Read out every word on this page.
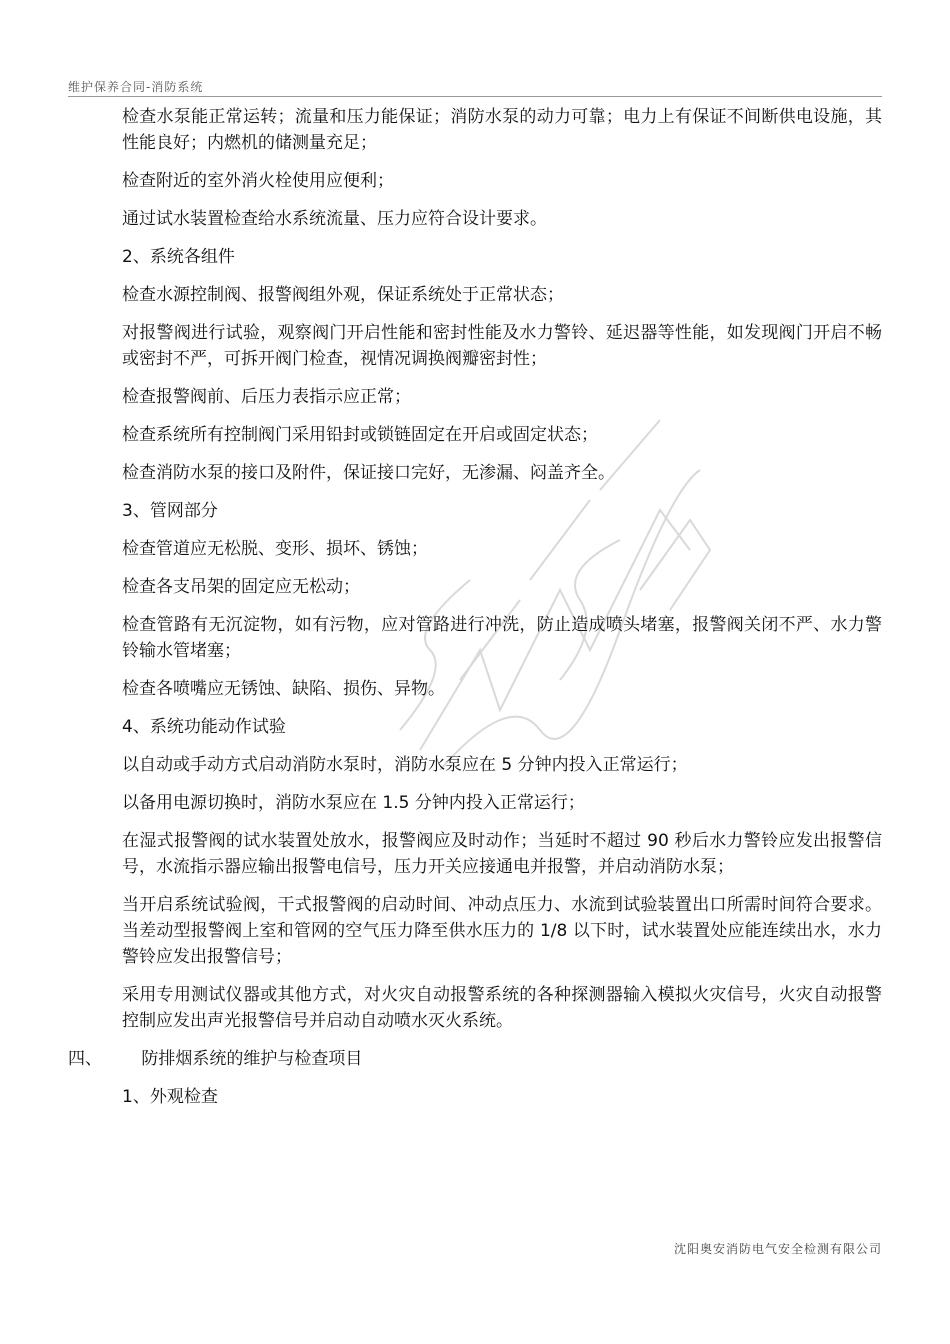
维护保养合同-消防系统

检查水泵能正常运转；流量和压力能保证；消防水泵的动力可靠；电力上有保证不间断供电设施，其性能良好；内燃机的储测量充足；

检查附近的室外消火栓使用应便利；

通过试水装置检查给水系统流量、压力应符合设计要求。

2、系统各组件

检查水源控制阀、报警阀组外观，保证系统处于正常状态；

对报警阀进行试验，观察阀门开启性能和密封性能及水力警铃、延迟器等性能，如发现阀门开启不畅或密封不严，可拆开阀门检查，视情况调换阀瓣密封性；

检查报警阀前、后压力表指示应正常；

检查系统所有控制阀门采用铅封或锁链固定在开启或固定状态；

检查消防水泵的接口及附件，保证接口完好，无渗漏、闷盖齐全。

3、管网部分

检查管道应无松脱、变形、损坏、锈蚀；

检查各支吊架的固定应无松动；

检查管路有无沉淀物，如有污物，应对管路进行冲洗，防止造成喷头堵塞，报警阀关闭不严、水力警铃输水管堵塞；

检查各喷嘴应无锈蚀、缺陷、损伤、异物。

4、系统功能动作试验

以自动或手动方式启动消防水泵时，消防水泵应在 5 分钟内投入正常运行；

以备用电源切换时，消防水泵应在 1.5 分钟内投入正常运行；

在湿式报警阀的试水装置处放水，报警阀应及时动作；当延时不超过 90 秒后水力警铃应发出报警信号，水流指示器应输出报警电信号，压力开关应接通电并报警，并启动消防水泵；

当开启系统试验阀，干式报警阀的启动时间、冲动点压力、水流到试验装置出口所需时间符合要求。当差动型报警阀上室和管网的空气压力降至供水压力的 1/8 以下时，试水装置处应能连续出水，水力警铃应发出报警信号；

采用专用测试仪器或其他方式，对火灾自动报警系统的各种探测器输入模拟火灾信号，火灾自动报警控制应发出声光报警信号并启动自动喷水灭火系统。

四、 防排烟系统的维护与检查项目

1、外观检查

沈阳奥安消防电气安全检测有限公司
